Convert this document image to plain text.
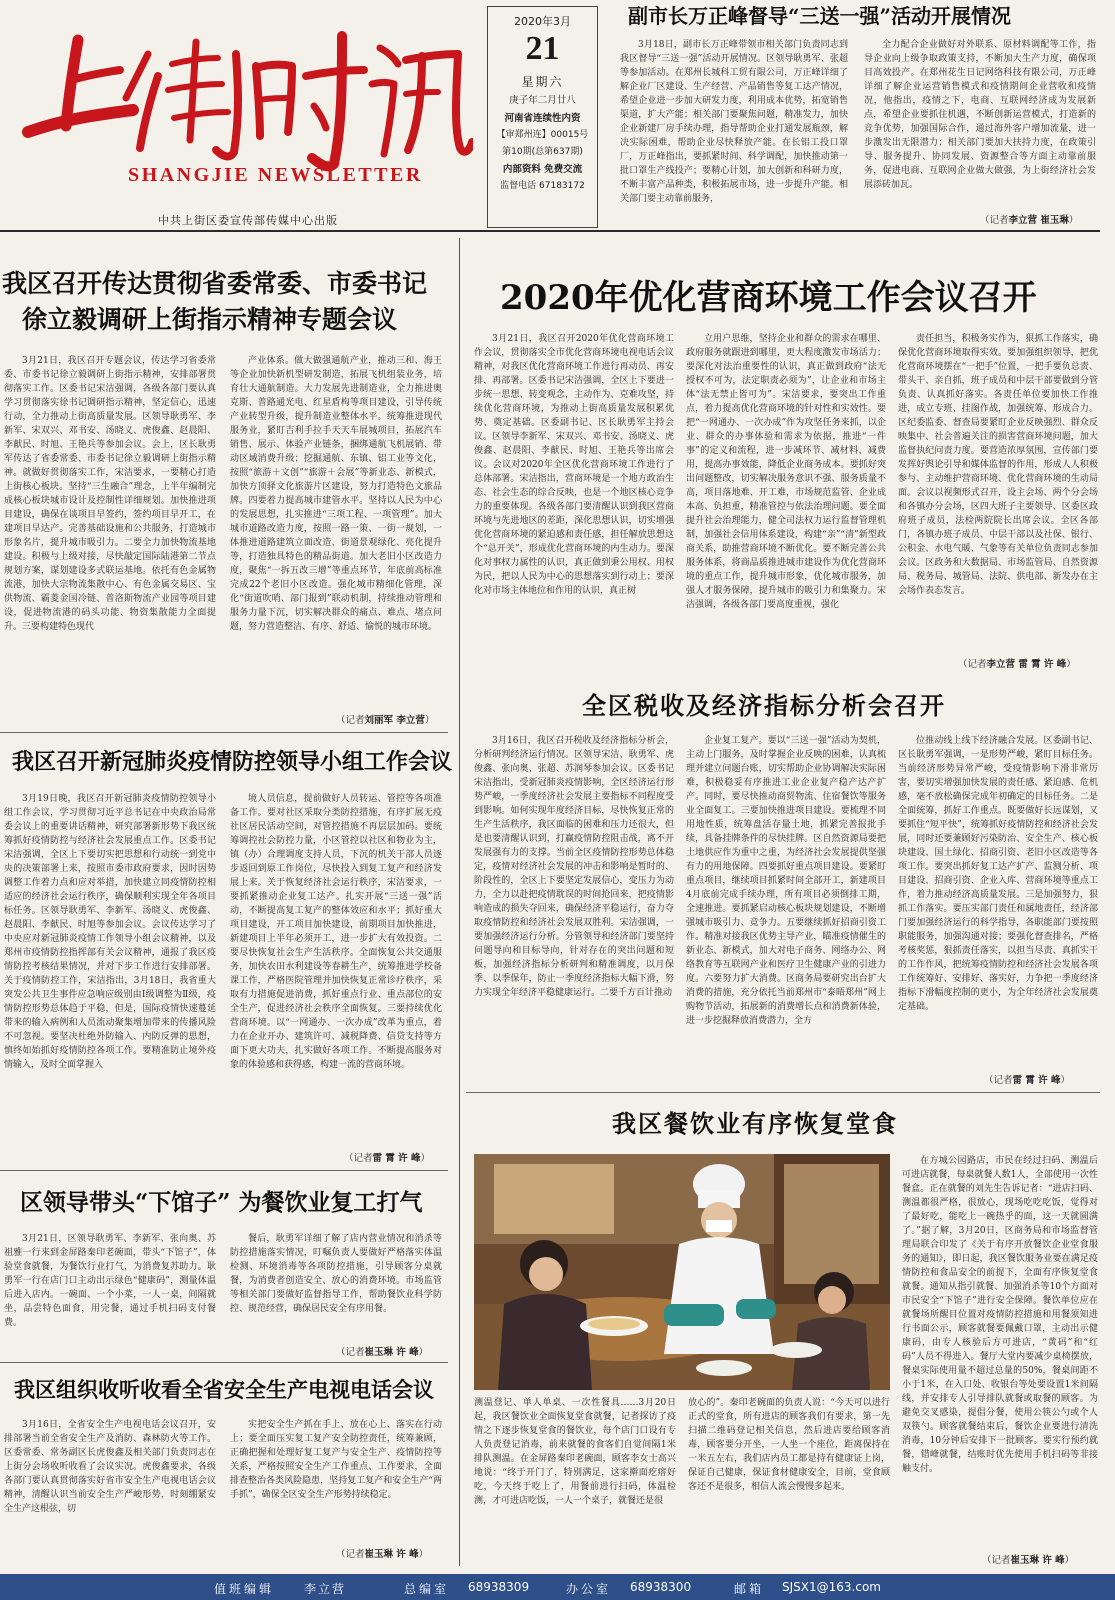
SHANGJIE NEWSLETTER
中共上街区委宣传部传媒中心出版
2020年3月
21
星期六
庚子年二月廿八
河南省连续性内资
【审郑州连】00015号
第10期(总第637期)
内部资料 免费交流
监督电话 67183172
副市长万正峰督导“三送一强”活动开展情况
3月18日，副市长万正峰带领市相关部门负责同志到我区督导“三送一强”活动开展情况。区领导耿勇军、张超等参加活动。在郑州长城科工贸有限公司，万正峰详细了解企业厂区建设、生产经营、产品销售等复工达产情况，希望企业进一步加大研发力度，利用成本优势，拓宽销售渠道，扩大产能；相关部门要聚焦问题，精准发力，加快企业新建厂房手续办理，指导帮助企业打通发展瓶颈，解决实际困难，帮助企业尽快释放产能。在长铝工投口罩厂，万正峰指出，要抓紧时间、科学调配，加快推动第一批口罩生产线投产；要精心计划，加大创新和科研力度，不断丰富产品种类，积极拓展市场，进一步提升产能。相关部门要主动靠前服务，
全力配合企业做好对外联系、原材料调配等工作，指导企业向上级争取政策支持，不断加大生产力度，确保项目高效投产。在郑州花生日记网络科技有限公司，万正峰详细了解企业运营销售模式和疫情期间企业营收和疫情况，他指出，疫情之下，电商、互联网经济成为发展新点，希望企业要抓住机遇，不断创新运营模式，打造新的竞争优势，加强国际合作，通过海外客户增加流量，进一步激发出无限潜力；相关部门要加大扶持力度，在政策引导、服务提升、协同发展、资源整合等方面主动靠前服务，促进电商、互联网企业做大做强，为上街经济社会发展添砖加瓦。
（记者李立营 崔玉琳）
我区召开传达贯彻省委常委、市委书记
徐立毅调研上街指示精神专题会议
3月21日，我区召开专题会议，传达学习省委常委、市委书记徐立毅调研上街指示精神，安排部署贯彻落实工作。区委书记宋洁强调，各级各部门要认真学习贯彻落实徐书记调研指示精神，坚定信心，迅速行动，全力推动上街高质量发展。区领导耿勇军、李新军、宋双兴、邓书安、汤晓义、虎俊鑫、赵晨阳、李献民、时旭、王艳兵等参加会议。会上，区长耿勇军传达了省委常委、市委书记徐立毅调研上街指示精神。就做好贯彻落实工作，宋洁要求，一要精心打造上街核心板块。坚持“三生融合”理念，上半年编制完成核心板块城市设计及控制性详细规划。加快推进项目建设，确保在谈项目早签约，签约项目早开工，在建项目早达产。完善基础设施和公共服务，打造城市形象名片，提升城市吸引力。二要全力加快物流基地建设。积极与上级对接，尽快敲定国际陆港第二节点规划方案，谋划建设多式联运基地。依托有色金属物流港，加快大宗物流集散中心、有色金属交易区、宝供物流、霸菱金国冷链、普洛斯物流产业园等项目建设，促进物流港的码头功能、物资集散能力全面提升。三要构建特色现代
产业体系。做大做强通航产业，推动三和、海王等企业加快新机型研发制造，拓展飞机组装业务，培育壮大通航制造。大力发展先进制造业，全力推进奥克斯、普路通光电、红星盾构等项目建设，引导传统产业转型升级，提升制造业整体水平。统筹推进现代服务业，紧盯吉利手拉手天天车展城项目，拓展汽车销售、展示、体验产业链条，捆绑通航飞机展销、带动区域消费升级；挖掘通航、东镇、铝工业等文化，按照“旅游＋文创”“旅游＋会展”等新业态、新模式，加快方顶驿文化旅游片区建设，努力打造特色文旅品牌。四要着力提高城市建管水平。坚持以人民为中心的发展思想，扎实推进“三项工程、一项管理”。加大城市道路改造力度，按照一路一策、一街一规划，一体推进道路建筑立面改造、街道景观绿化、亮化提升等，打造独具特色的精品街道。加大老旧小区改造力度，聚焦“一拆五改三增”等重点环节，年底前高标准完成22个老旧小区改造。强化城市精细化管理，深化“街道吹哨、部门报到”联动机制，持续推动管理和服务力量下沉，切实解决群众的痛点、难点、堵点问题，努力营造整洁、有序、舒适、愉悦的城市环境。
（记者刘丽军 李立营）
2020年优化营商环境工作会议召开
3月21日，我区召开2020年优化营商环境工作会议，贯彻落实全市优化营商环境电视电话会议精神，对我区优化营商环境工作进行再动员、再安排、再部署。区委书记宋洁强调，全区上下要进一步统一思想、转变观念，主动作为、克难攻坚，持续优化营商环境，为推动上街高质量发展积累优势、奠定基础。区委副书记、区长耿勇军主持会议。区领导李新军、宋双兴、邓书安、汤晓义、虎俊鑫、赵晨阳、李献民、时旭、王艳兵等出席会议。会议对2020年全区优化营商环境工作进行了总体部署。宋洁指出，营商环境是一个地方政治生态、社会生态的综合反映，也是一个地区核心竞争力的重要体现。各级各部门要清醒认识到我区营商环境与先进地区的差距，深化思想认识，切实增强优化营商环境的紧迫感和责任感，担任解放思想这个“总开关”，形成优化营商环境的内生动力。要深化对事权力属性的认识，真正做到秉公用权、用权为民，把以人民为中心的思想落实到行动上；要深化对市场主体地位和作用的认识，真正树
立用户思维，坚持企业和群众的需求在哪里、政府服务就跟进到哪里，更大程度激发市场活力；要深化对法治重要性的认识，真正做到政府“法无授权不可为，法定职责必须为”，让企业和市场主体“法无禁止皆可为”。宋洁要求，要突出工作重点，着力提高优化营商环境的针对性和实效性。要把“一网通办、一次办成”作为攻坚任务来抓，以企业、群众的办事体验和需求为依据，推进“一件事”的定义和流程，进一步减环节、减材料、减费用，提高办事效能，降低企业商务成本。要抓好突出问题整改，切实解决服务意识不强、服务质量不高，项目落地难、开工难，市场规范监管、企业成本高、负担重，精准管控与依法治理问题。要全面提升社会治理能力，健全司法权力运行监督管理机制，加强社会信用体系建设，构建“亲”“清”新型政商关系，助推营商环境不断优化。要不断完善公共服务体系，将商品质推进城市建设作为优化营商环境的重点工作，提升城市形象，优化城市服务，加强人才服务保障，提升城市的吸引力和集聚力。宋洁强调，各级各部门要高度重视，强化
责任担当，积极务实作为，狠抓工作落实，确保优化营商环境取得实效。要加强组织领导，把优化营商环境摆在“一把手”位置，一把手要负总责、带头干、亲自抓，班子成员和中层干部要做到分管负责、认真抓好落实。各责任单位要加快工作推进，成立专班、挂图作战，加强统筹、形成合力。区纪委监委、督查局要紧盯企业反映强烈、群众反映集中、社会普遍关注的损害营商环境问题，加大监督执纪问责力度。要营造浓厚氛围，宣传部门要发挥好舆论引导和媒体监督的作用，形成人人积极参与、主动维护营商环境、优化营商环境的生动局面。会议以视频形式召开，设主会场、两个分会场和各镇办分会场，区四大班子主要领导、区委区政府班子成员，法检两院院长出席会议。全区各部门，各镇办班子成员、中层干部以及社保、银行、公积金、水电气暖、气象等有关单位负责同志参加会议。区政务和大数据局、市场监管局、自然资源局、税务局、城管局、法院、供电部、新发办在主会场作表态发言。
（记者李立营 雷 霄 许 峰）
我区召开新冠肺炎疫情防控领导小组工作会议
3月19日晚，我区召开新冠肺炎疫情防控领导小组工作会议，学习贯彻习近平总书记在中央政治局常委会议上的重要讲话精神，研究部署新形势下我区统筹抓好疫情防控与经济社会发展重点工作。区委书记宋洁强调，全区上下要切实把思想和行动统一到党中央的决策部署上来，按照市委市政府要求，因时因势调整工作着力点和应对举措，加快建立同疫情防控相适应的经济社会运行秩序，确保顺利实现全年各项目标任务。区领导耿勇军、李新军、汤晓义、虎俊鑫、赵晨阳、李献民、时旭等参加会议。会议传达学习了中央应对新冠肺炎疫情工作领导小组会议精神，以及郑州市疫情防控指挥部有关会议精神，通报了我区疫情防控考核结果情况，并对下步工作进行安排部署。关于疫情防控工作，宋洁指出，3月18日，我省重大突发公共卫生事件应急响应级别由Ⅰ级调整为Ⅱ级，疫情防控形势总体趋于平稳，但是，国际疫情快速蔓延带来的输入病例和人员流动聚集增加带来的传播风险不可忽视。要坚决杜绝外防输入、内防反弹的思想，慎终如始抓好疫情防控各项工作。要精准防止境外疫情输入，及时全面掌握入
境人员信息，提前做好人员转运、管控等各项准备工作。要对社区采取分类防控措施，有序扩展无疫社区居民活动空间，对管控措施不再层层加码。要统筹调控社会防控力量，小区管控以社区和物业为主，镇（办）合理调度支持人员，下沉的机关干部人员逐步返回到原工作岗位，尽快投入到复工复产和经济发展上来。关于恢复经济社会运行秩序，宋洁要求，一要抓紧推动企业复工达产。扎实开展“三送一强”活动，不断提高复工复产的整体效应和水平；抓好重大项目建设，开工项目加快建设，前期项目加快推进，新建项目上半年必须开工，进一步扩大有效投资。二要尽快恢复社会生产生活秩序。全面恢复公共交通服务，加快农田水利建设等春耕生产，统筹推进学校备课工作，严格医院管理并加快恢复正常诊疗秩序，采取有力措施促进消费，抓好重点行业、重点部位的安全生产，促进经济社会秩序全面恢复。三要持续优化营商环境。以“一网通办、一次办成”改革为重点，着力在企业开办、建筑许可、减税降费、信贷支持等方面下更大功夫，扎实做好各项工作。不断提高服务对象的体验感和获得感，构建一流的营商环境。
（记者雷 霄 许 峰）
全区税收及经济指标分析会召开
3月16日，我区召开税收及经济指标分析会，分析研判经济运行情况。区领导宋洁、耿勇军、虎俊鑫、张向奥、张超、苏润琴参加会议。区委书记宋洁指出，受新冠肺炎疫情影响，全区经济运行形势严峻，一季度经济社会发展主要指标不同程度受到影响。如何实现年度经济目标，尽快恢复正常的生产生活秩序，我区面临的困难和压力还很大，但是也要清醒认识到，打赢疫情防控阻击战，离不开发展强有力的支撑。当前全区疫情防控形势总体稳定，疫情对经济社会发展的冲击和影响是暂时的、阶段性的，全区上下要坚定发展信心，变压力为动力，全力以赴把疫情耽误的时间抢回来，把疫情影响造成的损失夺回来，确保经济平稳运行，奋力夺取疫情防控和经济社会发展双胜利。宋洁强调，一要加强经济运行分析。分管领导和经济部门要坚持问题导向和目标导向，针对存在的突出问题和短板，加强经济指标分析研判和精准调度，以月保季、以季保年，防止一季度经济指标大幅下滑，努力实现全年经济平稳健康运行。二要千方百计推动
企业复工复产。要以“三送一强”活动为契机，主动上门服务，及时掌握企业反映的困难，认真梳理并建立问题台账，切实帮助企业协调解决实际困难，积极稳妥有序推进工业企业复产稳产达产扩产。同时，要尽快推动商贸物流、住宿餐饮等服务业全面复工。三要加快推进项目建设。要梳理不同用地性质，统筹盘活存量土地，抓紧完善报批手续，具备挂牌条件的尽快挂牌。区自然资源局要把土地供应作为重中之重，为经济社会发展提供坚强有力的用地保障。四要抓好重点项目建设。要紧盯重点项目，继续项目抓紧时间全部开工，新建项目4月底前完成手续办理，所有项目必须倒排工期，全速推进。要抓紧启动核心板块规划建设，不断增强城市吸引力、竞争力。五要继续抓好招商引资工作。精准对接我区优势主导产业，瞄准疫情催生的新业态、新模式，加大对电子商务、网络办公、网络教育等互联网产业和医疗卫生健康产业的引进力度。六要努力扩大消费。区商务局要研究出台扩大消费的措施，充分依托当前郑州市“泰晤郑州”网上购物节活动，拓展新的消费增长点和消费新体验，进一步挖掘释放消费潜力，全方
位推动线上线下经济融合发展。区委副书记、区长耿勇军强调，一是形势严峻，紧盯目标任务。当前经济形势异常严峻，受疫情影响下滑非常厉害，要切实增强加快发展的责任感、紧迫感、危机感，毫不放松确保完成年初确定的目标任务。二是全面统筹，抓好工作重点。既要做好长远谋划，又要抓住“短平快”，统筹抓好疫情防控和经济社会发展，同时还要兼顾好污染防治、安全生产、核心板块建设、国土绿化、招商引资、老旧小区改造等各项工作。要突出抓好复工达产扩产、监测分析、项目建设、招商引资、企业入库、营商环境等重点工作，着力推动经济高质量发展。三是加强努力，狠抓工作落实。要压实部门责任和属地责任，经济部门要加强经济运行的科学指导，各职能部门要按照职能服务，加强沟通对接；要强化督查排名，严格考核奖惩，狠抓责任落实，以担当尽责、真抓实干的工作作风，把统筹疫情防控和经济社会发展各项工作统筹好、安排好、落实好，力争把一季度经济指标下滑幅度控制的更小，为全年经济社会发展奠定基础。
（记者雷 霄 许 峰）
区领导带头“下馆子” 为餐饮业复工打气
3月21日，区领导耿勇军、李新军、张向奥、苏祖雅一行来到金屏路秦印老碗面，带头“下馆子”，体验堂食就餐，为餐饮行业打气，为消费复苏助力。耿勇军一行在店门口主动出示绿色“健康码”，测量体温后进入店内。一碗面、一个小菜，一人一桌，间隔就坐，品尝特色面食，用完餐，通过手机扫码支付餐费。
餐后，耿勇军详细了解了店内营业情况和消杀等防控措施落实情况，叮嘱负责人要做好严格落实体温检测、环境消毒等各项防控措施，引导顾客分桌就餐，为消费者创造安全、放心的消费环境。市场监管等相关部门要做好监督指导工作，帮助餐饮业科学防控、规范经营，确保居民安全有序用餐。
（记者崔玉琳 许 峰）
我区组织收听收看全省安全生产电视电话会议
3月16日，全省安全生产电视电话会议召开，安排部署当前全省安全生产及消防、森林防火等工作。区委常委、常务副区长虎俊鑫及相关部门负责同志在上街分会场收听收看了会议实况。虎俊鑫要求，各级各部门要认真贯彻落实好省市安全生产电视电话会议精神，清醒认识当前安全生产严峻形势，时刻绷紧安全生产这根弦，切
实把安全生产抓在手上、放在心上、落实在行动上；要全面压实复工复产安全防控责任，统筹兼顾，正确把握和处理好复工复产与安全生产、疫情防控等关系，严格按照安全生产工作重点、工作要求，全面排查整治各类风险隐患，坚持复工复产和安全生产“两手抓”，确保全区安全生产形势持续稳定。
（记者崔玉琳 许 峰）
我区餐饮业有序恢复堂食
测温登记、单人单桌、一次性餐具……3月20日起，我区餐饮业全面恢复堂食就餐，记者探访了疫情之下逐步恢复堂食的餐饮业，每个店门口设有专人负责登记消毒，前来就餐的食客们自觉间隔1米排队测温。在金屏路秦印老碗面，顾客李女士高兴地说：“终于开门了，特别满足，这家擀面疙瘩好吃，今天终于吃上了，用餐前进行扫码，体温检测，才可进店吃饭，一人一个桌子，就餐还是很
放心的”。秦印老碗面的负责人说：“今天可以进行正式的堂食，所有进店的顾客我们有要求，第一先扫描二维码登记相关信息，然后进店要给顾客消毒，顾客要分开坐，一人坐一个座位，距离保持在一米五左右，我们店内员工都是持有健康证上岗，保证自己健康，保证食材健康安全，目前，堂食顾客还不是很多，相信人流会慢慢多起来。
在方城公园路店，市民在经过扫码、测温后可进店就餐，每桌就餐人数1人，全部使用一次性餐盒。正在就餐的刘先生告诉记者：“进店扫码、测温都很严格，很放心，现场吃吃吃饭，觉得对了最好吃，能吃上一碗热乎的面，这一天就圆满了。”据了解，3月20日，区商务局和市场监督管理局联合印发了《关于有序开放餐饮企业堂食服务的通知》，即日起，我区餐饮服务业要在满足疫情防控和食品安全的前提下，全面有序恢复堂食就餐。通知从指引就餐、加强消杀等10个方面对市民安全“下馆子”进行安全保障。餐饮单位应在就餐场所醒目位置对疫情防控措施和用餐须知进行书面公示，顾客就餐要佩戴口罩，主动出示健康码，由专人核验后方可进店，“黄码”和“红码”人员不得进入。餐厅大堂内要减少桌椅摆放，餐桌实际使用量不超过总量的50%，餐桌间距不小于1米，在入口处、收银台等处要设置1米间隔线，并安排专人引导排队就餐或取餐的顾客。为避免交叉感染，提倡分餐，使用公筷公勺或个人双筷勺。顾客就餐结束后，餐饮企业要进行清洗消毒，10分钟后安排下一批顾客。要实行预约就餐，错峰就餐，结账时优先使用手机扫码等非接触支付。
（记者崔玉琳 许 峰）
值班编辑 李立营	总编室 68938309	办公室 68938300	邮箱 SJSX1@163.com
